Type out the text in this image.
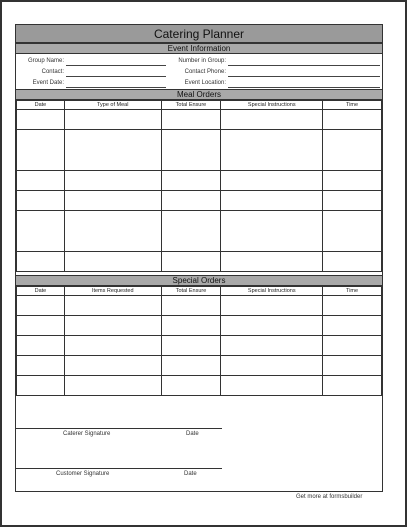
Catering Planner
Event Information
Group Name:	Number in Group:
Contact:	Contact Phone:
Event Date:	Event Location:
Meal Orders
Date	Type of Meal	Total Ensure	Special Instructions	Time

Special Orders
Date	Items Requested	Total Ensure	Special Instructions	Time

Caterer Signature	Date
Customer Signature	Date
Get more at formsbuilder
